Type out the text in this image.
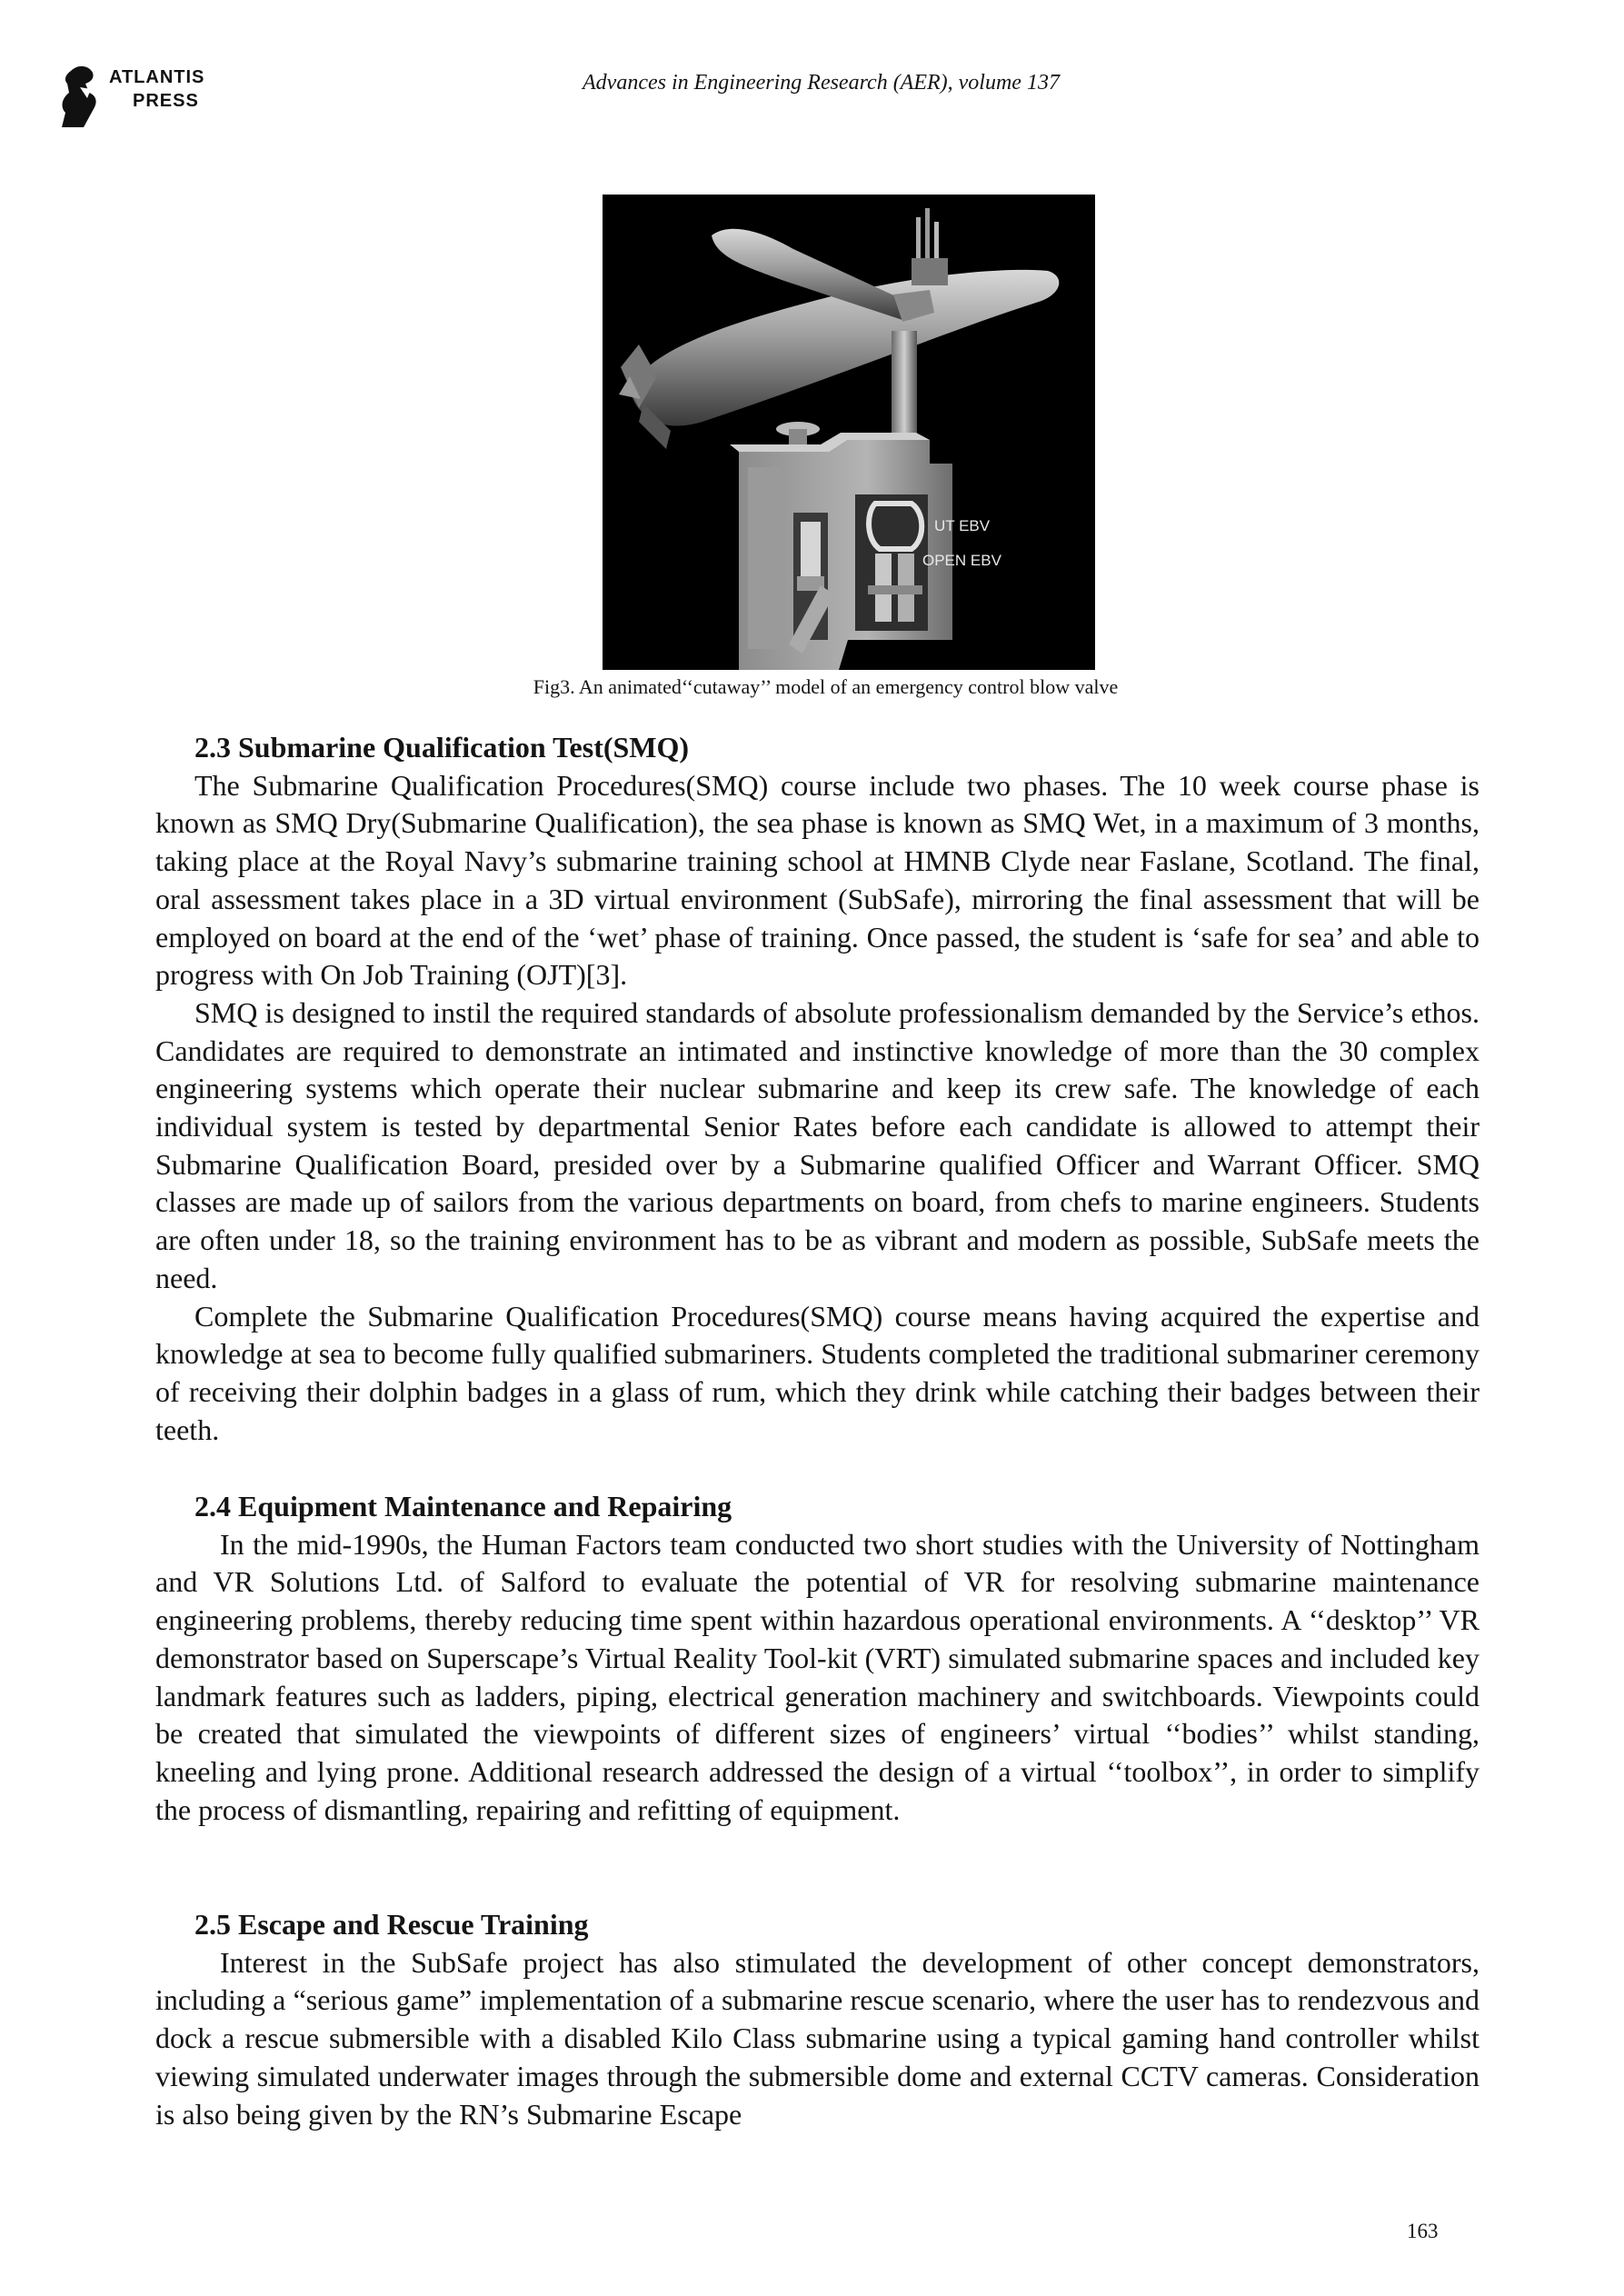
ATLANTIS
PRESS
Advances in Engineering Research (AER), volume 137
UT EBV
OPEN EBV
Fig3. An animated‘‘cutaway’’ model of an emergency control blow valve

2.3 Submarine Qualification Test(SMQ)

The Submarine Qualification Procedures(SMQ) course include two phases. The 10 week course phase is known as SMQ Dry(Submarine Qualification), the sea phase is known as SMQ Wet, in a maximum of 3 months, taking place at the Royal Navy’s submarine training school at HMNB Clyde near Faslane, Scotland. The final, oral assessment takes place in a 3D virtual environment (SubSafe), mirroring the final assessment that will be employed on board at the end of the ‘wet’ phase of training. Once passed, the student is ‘safe for sea’ and able to progress with On Job Training (OJT)[3].

SMQ is designed to instil the required standards of absolute professionalism demanded by the Service’s ethos. Candidates are required to demonstrate an intimated and instinctive knowledge of more than the 30 complex engineering systems which operate their nuclear submarine and keep its crew safe. The knowledge of each individual system is tested by departmental Senior Rates before each candidate is allowed to attempt their Submarine Qualification Board, presided over by a Submarine qualified Officer and Warrant Officer. SMQ classes are made up of sailors from the various departments on board, from chefs to marine engineers. Students are often under 18, so the training environment has to be as vibrant and modern as possible, SubSafe meets the need.

Complete the Submarine Qualification Procedures(SMQ) course means having acquired the expertise and knowledge at sea to become fully qualified submariners. Students completed the traditional submariner ceremony of receiving their dolphin badges in a glass of rum, which they drink while catching their badges between their teeth.

2.4 Equipment Maintenance and Repairing

In the mid-1990s, the Human Factors team conducted two short studies with the University of Nottingham and VR Solutions Ltd. of Salford to evaluate the potential of VR for resolving submarine maintenance engineering problems, thereby reducing time spent within hazardous operational environments. A ‘‘desktop’’ VR demonstrator based on Superscape’s Virtual Reality Tool-kit (VRT) simulated submarine spaces and included key landmark features such as ladders, piping, electrical generation machinery and switchboards. Viewpoints could be created that simulated the viewpoints of different sizes of engineers’ virtual ‘‘bodies’’ whilst standing, kneeling and lying prone. Additional research addressed the design of a virtual ‘‘toolbox’’, in order to simplify the process of dismantling, repairing and refitting of equipment.

2.5 Escape and Rescue Training

Interest in the SubSafe project has also stimulated the development of other concept demonstrators, including a “serious game” implementation of a submarine rescue scenario, where the user has to rendezvous and dock a rescue submersible with a disabled Kilo Class submarine using a typical gaming hand controller whilst viewing simulated underwater images through the submersible dome and external CCTV cameras. Consideration is also being given by the RN’s Submarine Escape

163
